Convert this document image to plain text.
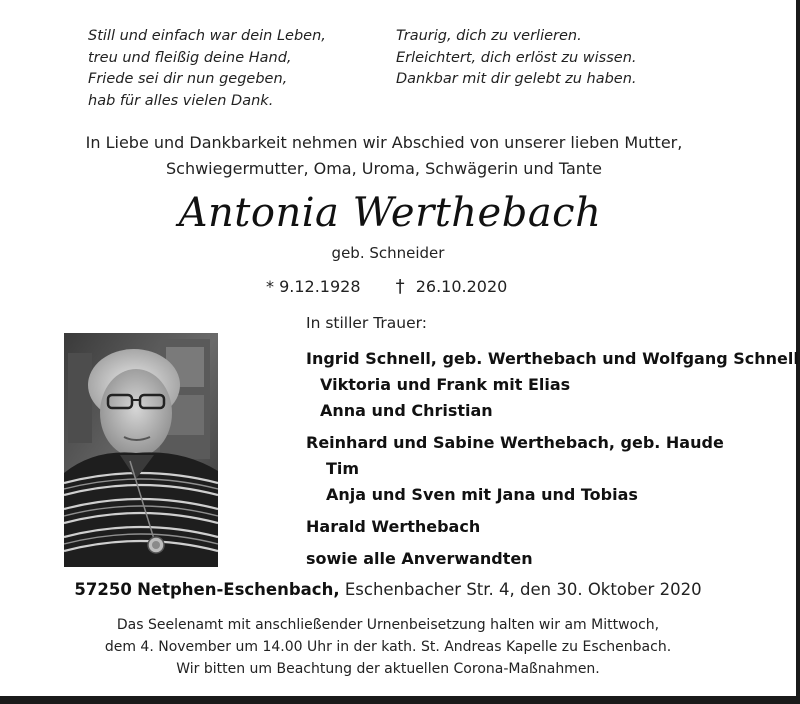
Still und einfach war dein Leben,
treu und fleißig deine Hand,
Friede sei dir nun gegeben,
hab für alles vielen Dank.
Traurig, dich zu verlieren.
Erleichtert, dich erlöst zu wissen.
Dankbar mit dir gelebt zu haben.
In Liebe und Dankbarkeit nehmen wir Abschied von unserer lieben Mutter,
Schwiegermutter, Oma, Uroma, Schwägerin und Tante
Antonia Werthebach
geb. Schneider
* 9.12.1928 † 26.10.2020
In stiller Trauer:
Ingrid Schnell, geb. Werthebach und Wolfgang Schnell
Viktoria und Frank mit Elias
Anna und Christian
Reinhard und Sabine Werthebach, geb. Haude
Tim
Anja und Sven mit Jana und Tobias
Harald Werthebach
sowie alle Anverwandten
57250 Netphen-Eschenbach, Eschenbacher Str. 4, den 30. Oktober 2020
Das Seelenamt mit anschließender Urnenbeisetzung halten wir am Mittwoch,
dem 4. November um 14.00 Uhr in der kath. St. Andreas Kapelle zu Eschenbach.
Wir bitten um Beachtung der aktuellen Corona-Maßnahmen.
